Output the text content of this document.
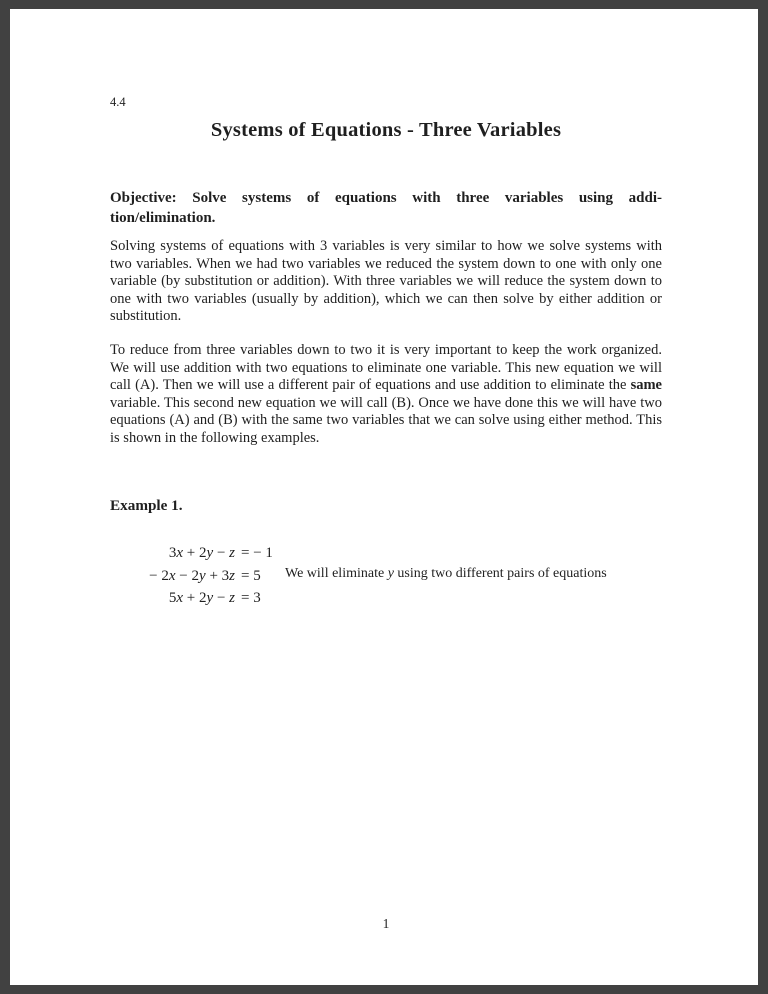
4.4
Systems of Equations - Three Variables
Objective: Solve systems of equations with three variables using addi-
tion/elimination.

Solving systems of equations with 3 variables is very similar to how we solve systems with two variables. When we had two variables we reduced the system down to one with only one variable (by substitution or addition). With three variables we will reduce the system down to one with two variables (usually by addition), which we can then solve by either addition or substitution.

To reduce from three variables down to two it is very important to keep the work organized. We will use addition with two equations to eliminate one variable. This new equation we will call (A). Then we will use a different pair of equations and use addition to eliminate the same variable. This second new equation we will call (B). Once we have done this we will have two equations (A) and (B) with the same two variables that we can solve using either method. This is shown in the following examples.

Example 1.
3x + 2y − z = − 1
− 2x − 2y + 3z = 5
5x + 2y − z = 3
We will eliminate y using two different pairs of equations
1
